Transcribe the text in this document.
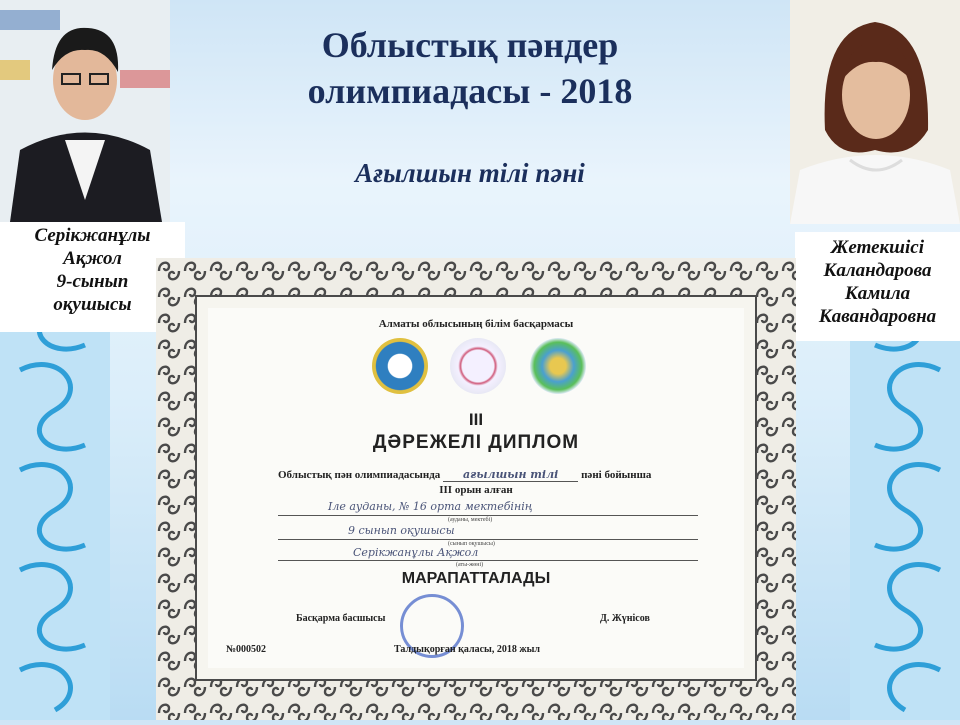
Облыстық пәндер
олимпиадасы - 2018

Ағылшын тілі пәні

Серікжанұлы
Ақжол
9-сынып
оқушысы
Жетекшісі
Каландарова
Камила
Кавандаровна
Алматы облысының білім басқармасы
III
ДӘРЕЖЕЛІ ДИПЛОМ
Облыстық пән олимпиадасында ағылшын тілі пәні бойынша
III орын алған
Іле ауданы, № 16 орта мектебінің
(ауданы, мектебі)
9 сынып оқушысы
(сынып оқушысы)
Серікжанұлы Ақжол
(аты-жөні)
МАРАПАТТАЛАДЫ
Басқарма басшысы	Д. Жүнісов
№000502	Талдықорған қаласы, 2018 жыл
